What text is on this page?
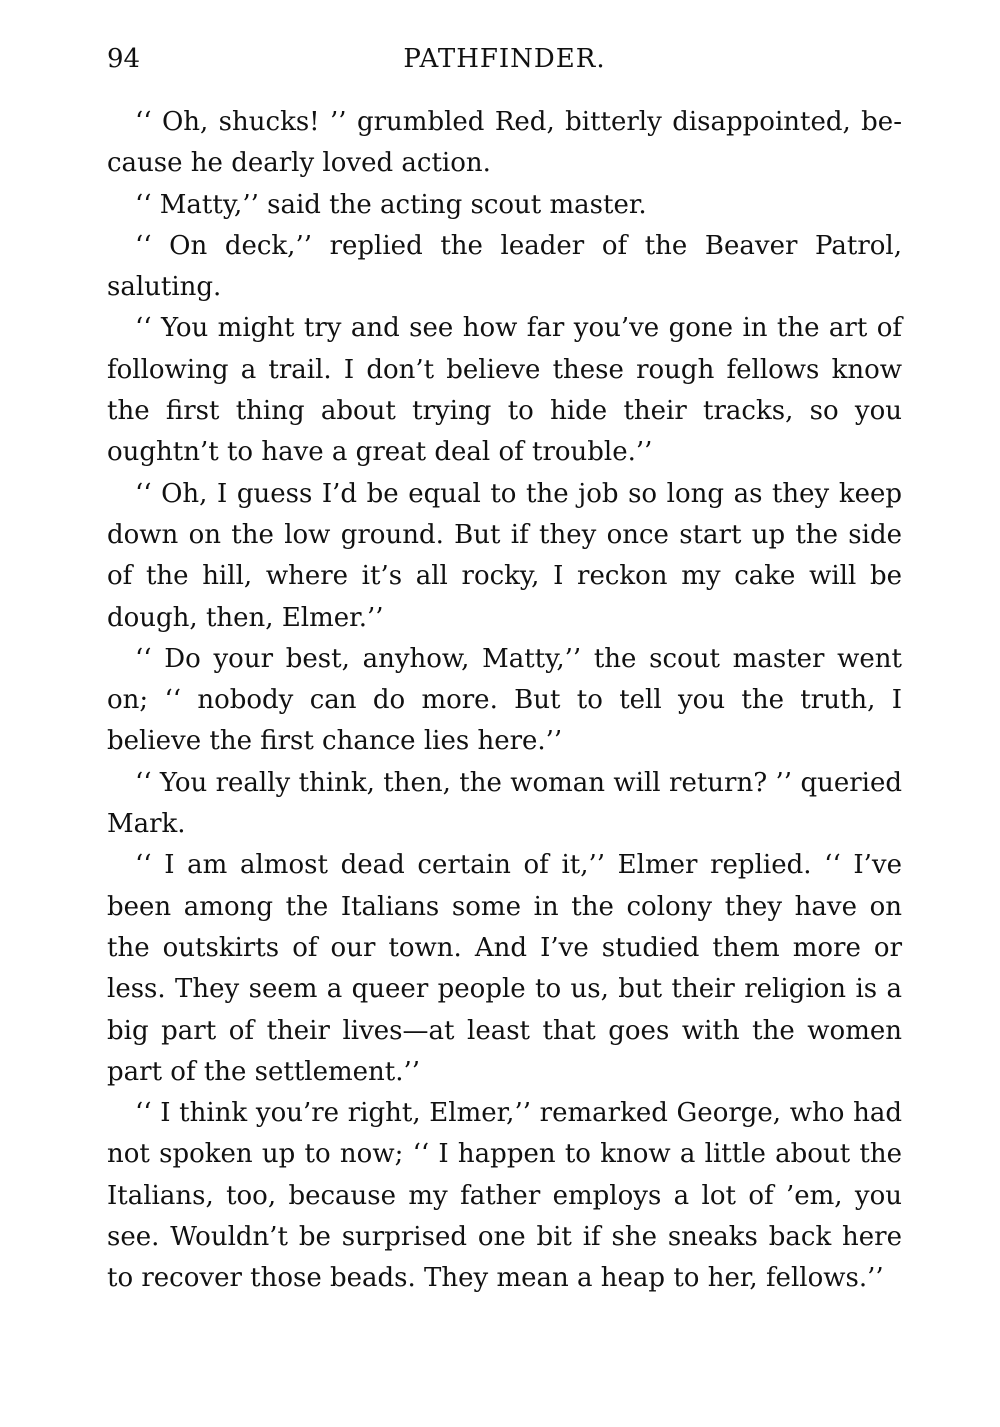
94	PATHFINDER.

‘‘ Oh, shucks! ’’ grumbled Red, bitterly disappointed, because he dearly loved action.

‘‘ Matty,’’ said the acting scout master.

‘‘ On deck,’’ replied the leader of the Beaver Patrol, saluting.

‘‘ You might try and see how far you’ve gone in the art of following a trail. I don’t believe these rough fellows know the first thing about trying to hide their tracks, so you oughtn’t to have a great deal of trouble.’’

‘‘ Oh, I guess I’d be equal to the job so long as they keep down on the low ground. But if they once start up the side of the hill, where it’s all rocky, I reckon my cake will be dough, then, Elmer.’’

‘‘ Do your best, anyhow, Matty,’’ the scout master went on; ‘‘ nobody can do more. But to tell you the truth, I believe the first chance lies here.’’

‘‘ You really think, then, the woman will return? ’’ queried Mark.

‘‘ I am almost dead certain of it,’’ Elmer replied. ‘‘ I’ve been among the Italians some in the colony they have on the outskirts of our town. And I’ve studied them more or less. They seem a queer people to us, but their religion is a big part of their lives—at least that goes with the women part of the settlement.’’

‘‘ I think you’re right, Elmer,’’ remarked George, who had not spoken up to now; ‘‘ I happen to know a little about the Italians, too, because my father employs a lot of ’em, you see. Wouldn’t be surprised one bit if she sneaks back here to recover those beads. They mean a heap to her, fellows.’’
